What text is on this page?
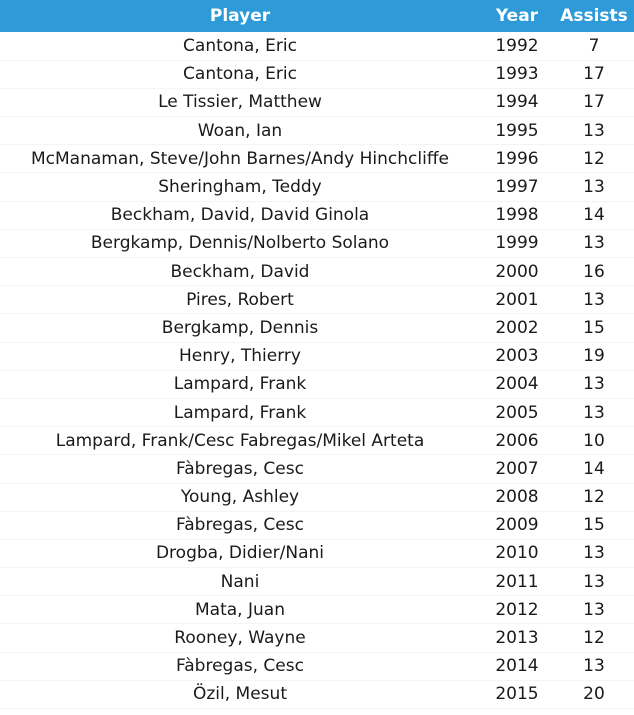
Player	Year	Assists
Cantona, Eric	1992	7
Cantona, Eric	1993	17
Le Tissier, Matthew	1994	17
Woan, Ian	1995	13
McManaman, Steve/John Barnes/Andy Hinchcliffe	1996	12
Sheringham, Teddy	1997	13
Beckham, David, David Ginola	1998	14
Bergkamp, Dennis/Nolberto Solano	1999	13
Beckham, David	2000	16
Pires, Robert	2001	13
Bergkamp, Dennis	2002	15
Henry, Thierry	2003	19
Lampard, Frank	2004	13
Lampard, Frank	2005	13
Lampard, Frank/Cesc Fabregas/Mikel Arteta	2006	10
Fàbregas, Cesc	2007	14
Young, Ashley	2008	12
Fàbregas, Cesc	2009	15
Drogba, Didier/Nani	2010	13
Nani	2011	13
Mata, Juan	2012	13
Rooney, Wayne	2013	12
Fàbregas, Cesc	2014	13
Özil, Mesut	2015	20
